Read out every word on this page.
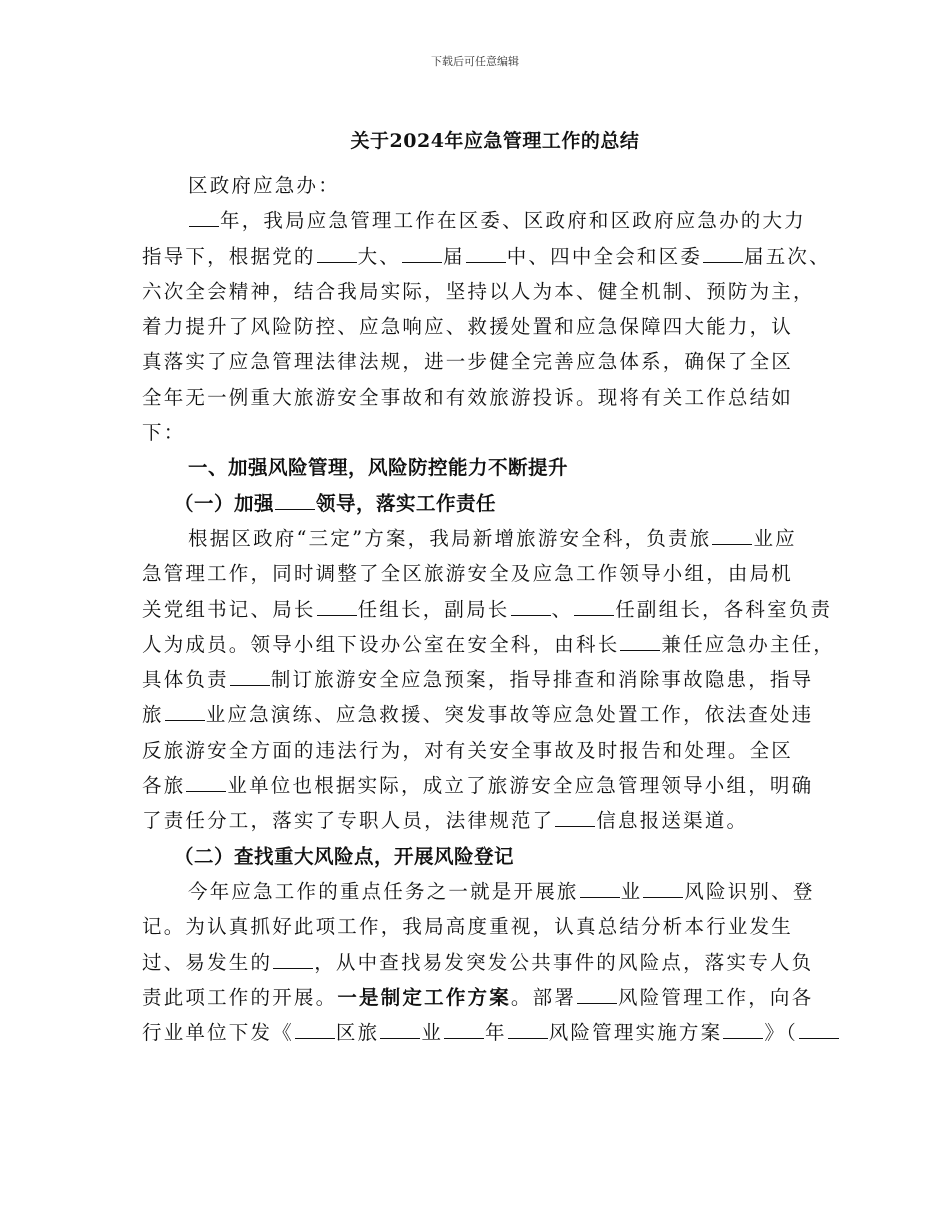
下载后可任意编辑
关于2024年应急管理工作的总结
区政府应急办：
年，我局应急管理工作在区委、区政府和区政府应急办的大力
指导下，根据党的 大、 届 中、四中全会和区委 届五次、
六次全会精神，结合我局实际，坚持以人为本、健全机制、预防为主，
着力提升了风险防控、应急响应、救援处置和应急保障四大能力，认
真落实了应急管理法律法规，进一步健全完善应急体系，确保了全区
全年无一例重大旅游安全事故和有效旅游投诉。现将有关工作总结如
下：
一、加强风险管理，风险防控能力不断提升
（一）加强 领导，落实工作责任
根据区政府“三定”方案，我局新增旅游安全科，负责旅 业应
急管理工作，同时调整了全区旅游安全及应急工作领导小组，由局机
关党组书记、局长 任组长，副局长 、 任副组长，各科室负责
人为成员。领导小组下设办公室在安全科，由科长 兼任应急办主任，
具体负责 制订旅游安全应急预案，指导排查和消除事故隐患，指导
旅 业应急演练、应急救援、突发事故等应急处置工作，依法查处违
反旅游安全方面的违法行为，对有关安全事故及时报告和处理。全区
各旅 业单位也根据实际，成立了旅游安全应急管理领导小组，明确
了责任分工，落实了专职人员，法律规范了 信息报送渠道。
（二）查找重大风险点，开展风险登记
今年应急工作的重点任务之一就是开展旅 业 风险识别、登
记。为认真抓好此项工作，我局高度重视，认真总结分析本行业发生
过、易发生的 ，从中查找易发突发公共事件的风险点，落实专人负
责此项工作的开展。一是制定工作方案。部署 风险管理工作，向各
行业单位下发《 区旅 业 年 风险管理实施方案 》（
